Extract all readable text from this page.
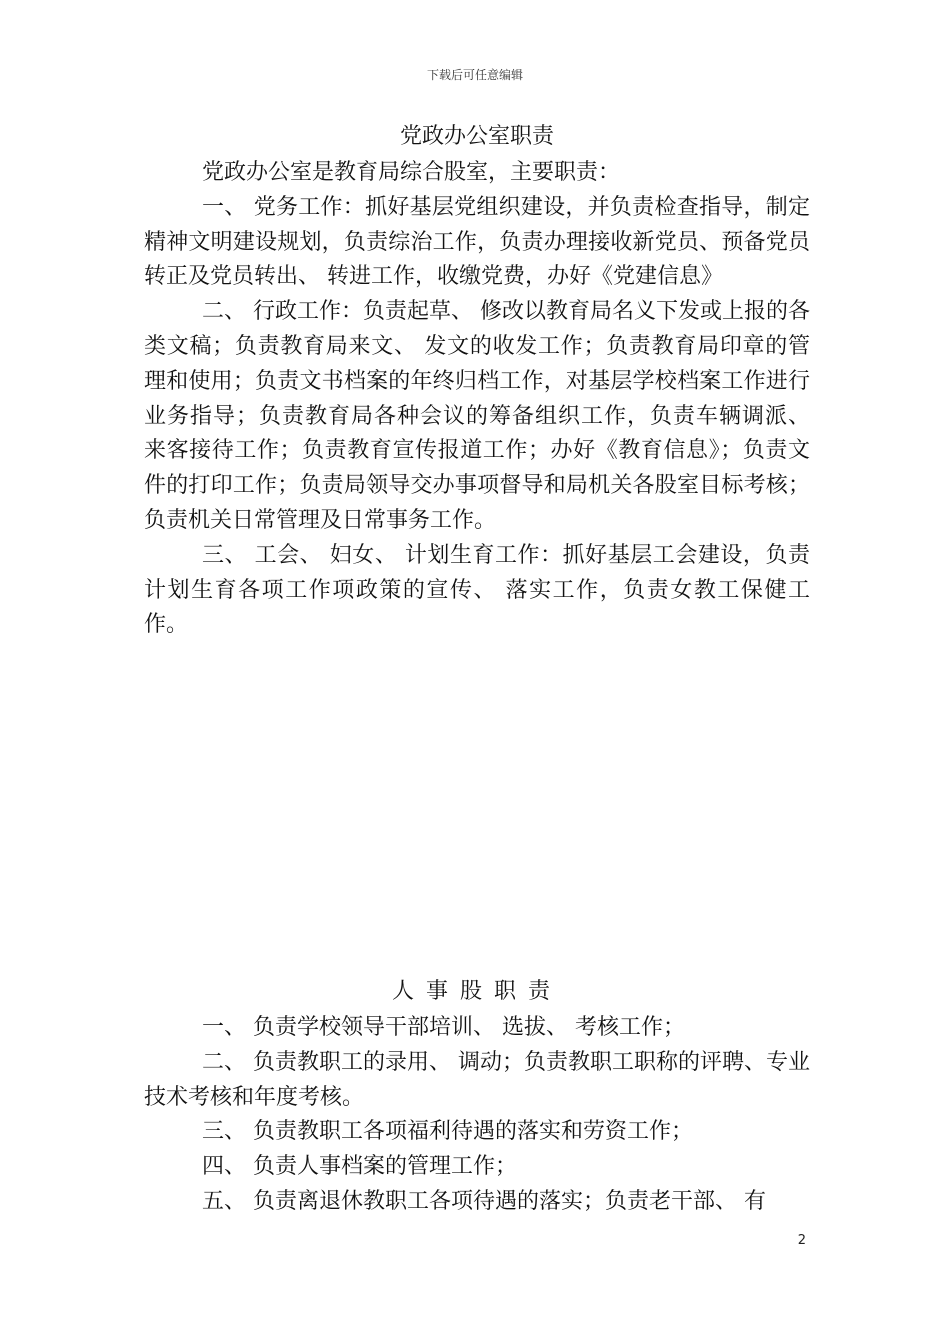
下载后可任意编辑
党政办公室职责

党政办公室是教育局综合股室，主要职责：

一、 党务工作：抓好基层党组织建设，并负责检查指导，制定精神文明建设规划，负责综治工作，负责办理接收新党员、预备党员转正及党员转出、 转进工作，收缴党费，办好《党建信息》

二、 行政工作：负责起草、 修改以教育局名义下发或上报的各类文稿；负责教育局来文、 发文的收发工作；负责教育局印章的管理和使用；负责文书档案的年终归档工作，对基层学校档案工作进行业务指导；负责教育局各种会议的筹备组织工作，负责车辆调派、 来客接待工作；负责教育宣传报道工作；办好《教育信息》；负责文件的打印工作；负责局领导交办事项督导和局机关各股室目标考核；负责机关日常管理及日常事务工作。

三、 工会、 妇女、 计划生育工作：抓好基层工会建设，负责计划生育各项工作项政策的宣传、 落实工作，负责女教工保健工作。

人事股职责

一、 负责学校领导干部培训、 选拔、 考核工作；

二、 负责教职工的录用、 调动；负责教职工职称的评聘、专业技术考核和年度考核。

三、 负责教职工各项福利待遇的落实和劳资工作；

四、 负责人事档案的管理工作；

五、 负责离退休教职工各项待遇的落实；负责老干部、 有

2
